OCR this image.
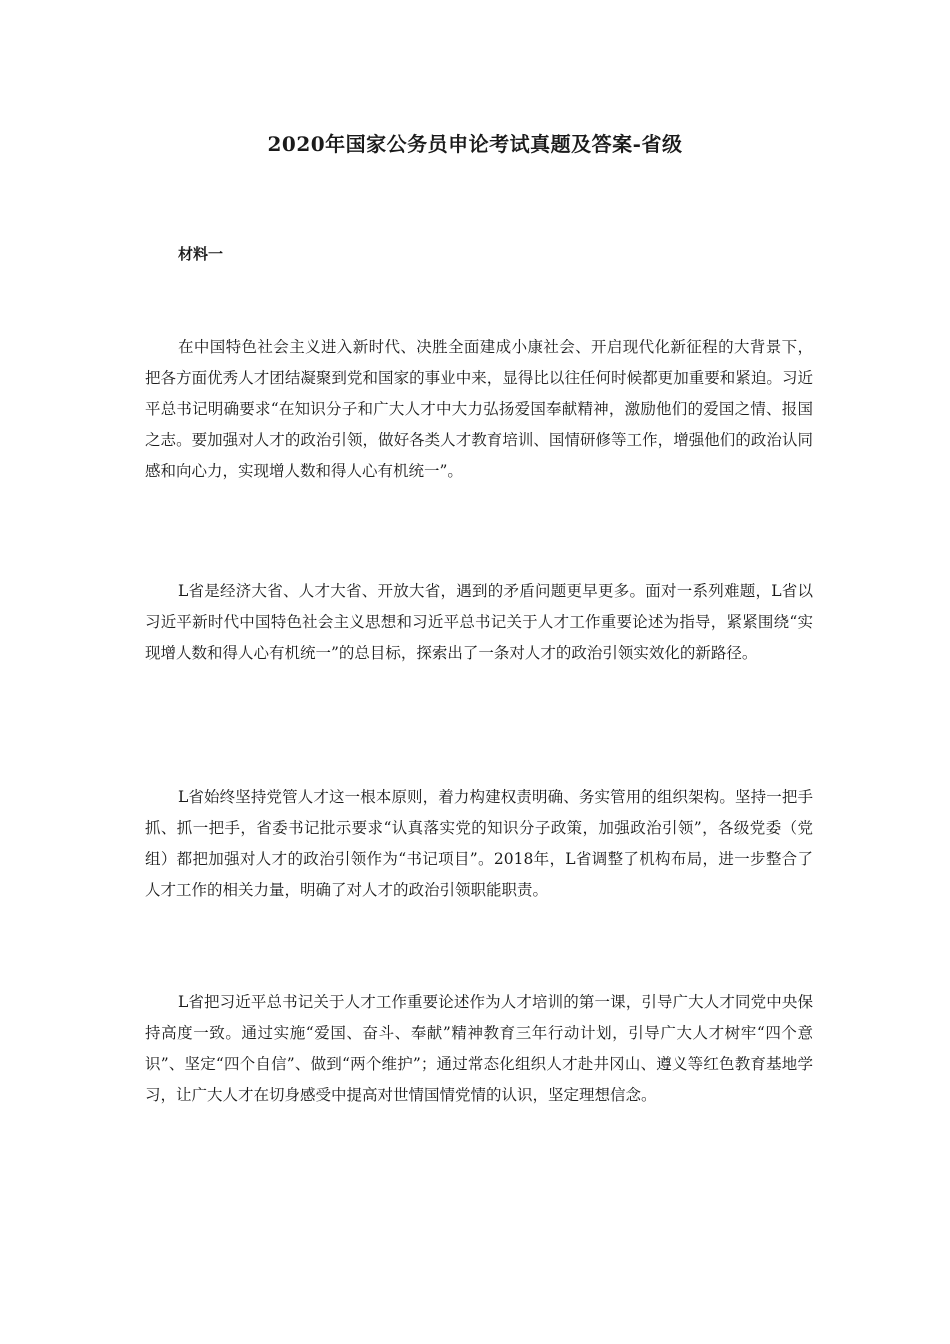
2020年国家公务员申论考试真题及答案-省级
材料一

在中国特色社会主义进入新时代、决胜全面建成小康社会、开启现代化新征程的大背景下，把各方面优秀人才团结凝聚到党和国家的事业中来，显得比以往任何时候都更加重要和紧迫。习近平总书记明确要求“在知识分子和广大人才中大力弘扬爱国奉献精神，激励他们的爱国之情、报国之志。要加强对人才的政治引领，做好各类人才教育培训、国情研修等工作，增强他们的政治认同感和向心力，实现增人数和得人心有机统一”。

L省是经济大省、人才大省、开放大省，遇到的矛盾问题更早更多。面对一系列难题，L省以习近平新时代中国特色社会主义思想和习近平总书记关于人才工作重要论述为指导，紧紧围绕“实现增人数和得人心有机统一”的总目标，探索出了一条对人才的政治引领实效化的新路径。

L省始终坚持党管人才这一根本原则，着力构建权责明确、务实管用的组织架构。坚持一把手抓、抓一把手，省委书记批示要求“认真落实党的知识分子政策，加强政治引领”，各级党委（党组）都把加强对人才的政治引领作为“书记项目”。2018年，L省调整了机构布局，进一步整合了人才工作的相关力量，明确了对人才的政治引领职能职责。

L省把习近平总书记关于人才工作重要论述作为人才培训的第一课，引导广大人才同党中央保持高度一致。通过实施“爱国、奋斗、奉献”精神教育三年行动计划，引导广大人才树牢“四个意识”、坚定“四个自信”、做到“两个维护”；通过常态化组织人才赴井冈山、遵义等红色教育基地学习，让广大人才在切身感受中提高对世情国情党情的认识，坚定理想信念。
